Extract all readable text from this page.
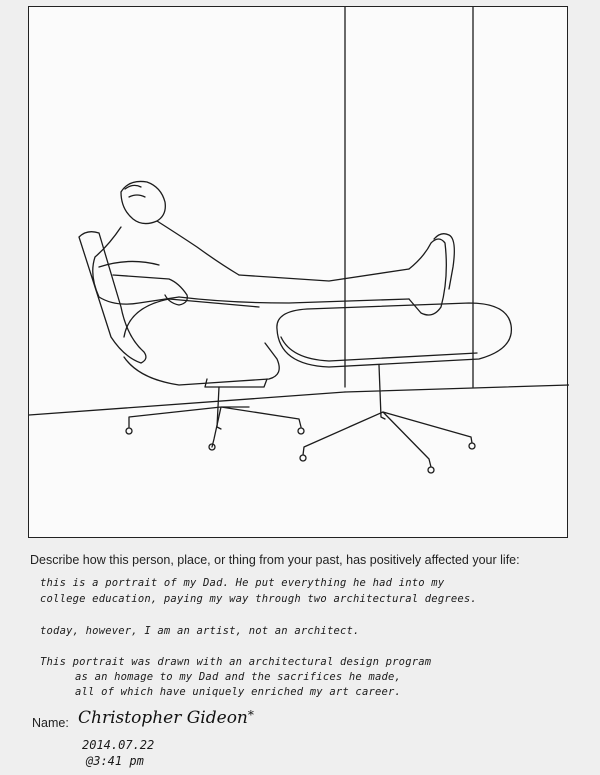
Describe how this person, place, or thing from your past, has positively affected your life:
this is a portrait of my Dad. He put everything he had into my
college education, paying my way through two architectural degrees.
today, however, I am an artist, not an architect.
This portrait was drawn with an architectural design program
as an homage to my Dad and the sacrifices he made,
all of which have uniquely enriched my art career.
Name: Christopher Gideon*
2014.07.22
@3:41 pm
